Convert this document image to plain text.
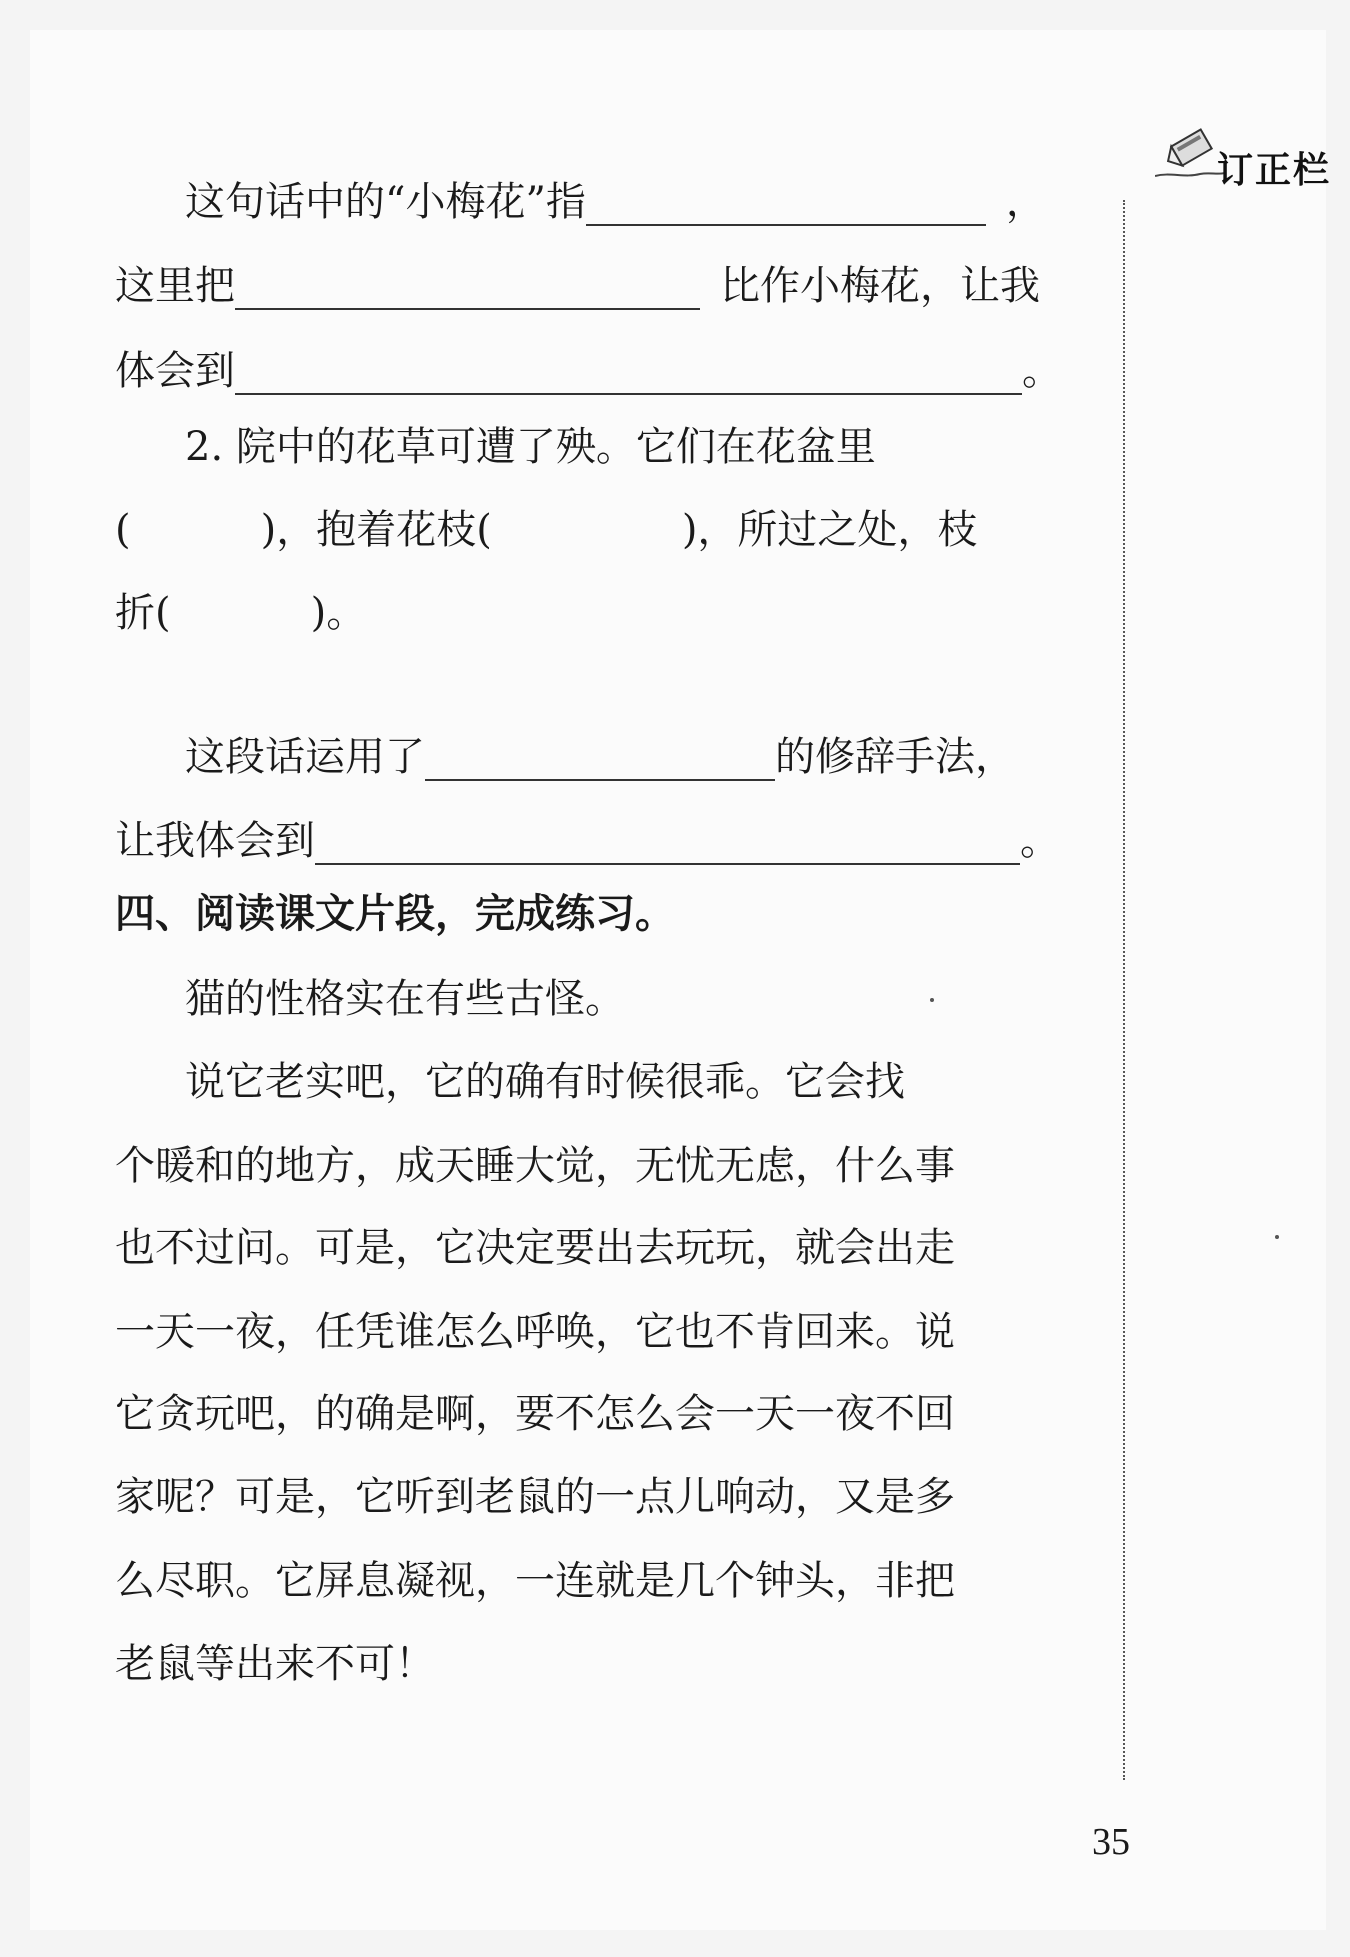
订正栏
这句话中的“小梅花”指	，
这里把	比作小梅花，让我
体会到	。
2. 院中的花草可遭了殃。它们在花盆里
(	)，抱着花枝(	)，所过之处，枝
折(	)。
这段话运用了	的修辞手法，
让我体会到	。
四、阅读课文片段，完成练习。
猫的性格实在有些古怪。
说它老实吧，它的确有时候很乖。它会找
个暖和的地方，成天睡大觉，无忧无虑，什么事
也不过问。可是，它决定要出去玩玩，就会出走
一天一夜，任凭谁怎么呼唤，它也不肯回来。说
它贪玩吧，的确是啊，要不怎么会一天一夜不回
家呢？可是，它听到老鼠的一点儿响动，又是多
么尽职。它屏息凝视，一连就是几个钟头，非把
老鼠等出来不可！
35
